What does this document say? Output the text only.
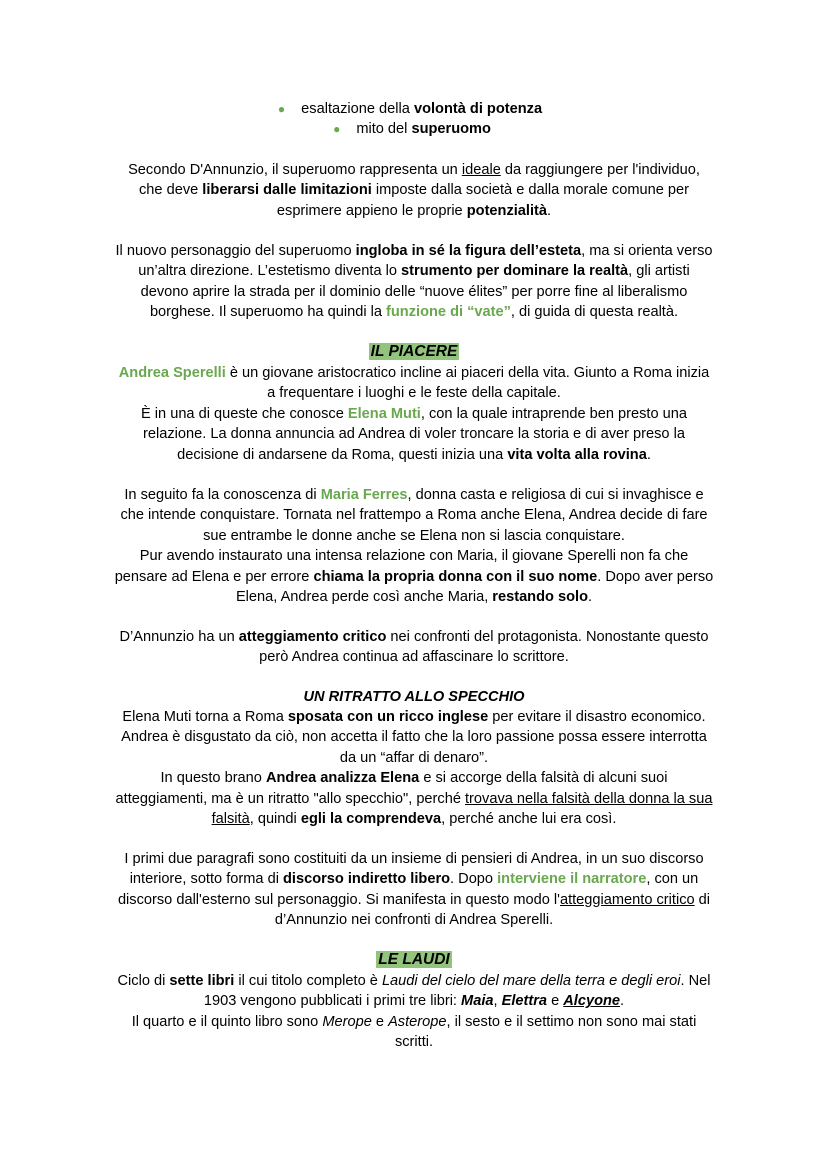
● esaltazione della volontà di potenza
● mito del superuomo
Secondo D'Annunzio, il superuomo rappresenta un ideale da raggiungere per l'individuo,
che deve liberarsi dalle limitazioni imposte dalla società e dalla morale comune per
esprimere appieno le proprie potenzialità.
Il nuovo personaggio del superuomo ingloba in sé la figura dell’esteta, ma si orienta verso
un’altra direzione. L’estetismo diventa lo strumento per dominare la realtà, gli artisti
devono aprire la strada per il dominio delle “nuove élites” per porre fine al liberalismo
borghese. Il superuomo ha quindi la funzione di “vate”, di guida di questa realtà.
IL PIACERE
Andrea Sperelli è un giovane aristocratico incline ai piaceri della vita. Giunto a Roma inizia
a frequentare i luoghi e le feste della capitale.
È in una di queste che conosce Elena Muti, con la quale intraprende ben presto una
relazione. La donna annuncia ad Andrea di voler troncare la storia e di aver preso la
decisione di andarsene da Roma, questi inizia una vita volta alla rovina.
In seguito fa la conoscenza di Maria Ferres, donna casta e religiosa di cui si invaghisce e
che intende conquistare. Tornata nel frattempo a Roma anche Elena, Andrea decide di fare
sue entrambe le donne anche se Elena non si lascia conquistare.
Pur avendo instaurato una intensa relazione con Maria, il giovane Sperelli non fa che
pensare ad Elena e per errore chiama la propria donna con il suo nome. Dopo aver perso
Elena, Andrea perde così anche Maria, restando solo.
D’Annunzio ha un atteggiamento critico nei confronti del protagonista. Nonostante questo
però Andrea continua ad affascinare lo scrittore.
UN RITRATTO ALLO SPECCHIO
Elena Muti torna a Roma sposata con un ricco inglese per evitare il disastro economico.
Andrea è disgustato da ciò, non accetta il fatto che la loro passione possa essere interrotta
da un “affar di denaro”.
In questo brano Andrea analizza Elena e si accorge della falsità di alcuni suoi
atteggiamenti, ma è un ritratto "allo specchio", perché trovava nella falsità della donna la sua
falsità, quindi egli la comprendeva, perché anche lui era così.
I primi due paragrafi sono costituiti da un insieme di pensieri di Andrea, in un suo discorso
interiore, sotto forma di discorso indiretto libero. Dopo interviene il narratore, con un
discorso dall'esterno sul personaggio. Si manifesta in questo modo l'atteggiamento critico di
d’Annunzio nei confronti di Andrea Sperelli.
LE LAUDI
Ciclo di sette libri il cui titolo completo è Laudi del cielo del mare della terra e degli eroi. Nel
1903 vengono pubblicati i primi tre libri: Maia, Elettra e Alcyone.
Il quarto e il quinto libro sono Merope e Asterope, il sesto e il settimo non sono mai stati
scritti.
